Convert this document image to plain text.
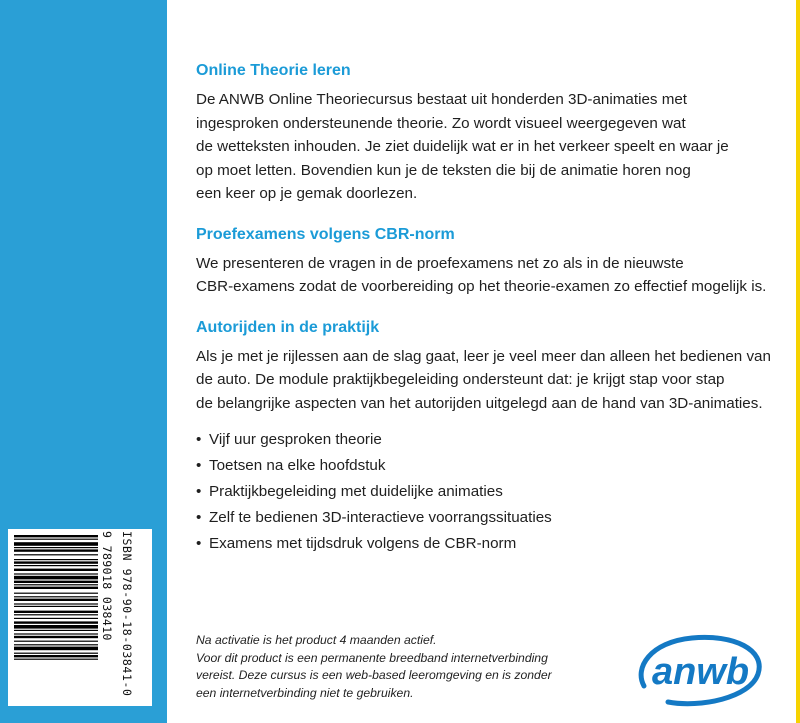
Online Theorie leren

De ANWB Online Theoriecursus bestaat uit honderden 3D-animaties met
ingesproken ondersteunende theorie. Zo wordt visueel weergegeven wat
de wetteksten inhouden. Je ziet duidelijk wat er in het verkeer speelt en waar je
op moet letten. Bovendien kun je de teksten die bij de animatie horen nog
een keer op je gemak doorlezen.

Proefexamens volgens CBR-norm

We presenteren de vragen in de proefexamens net zo als in de nieuwste
CBR-examens zodat de voorbereiding op het theorie-examen zo effectief mogelijk is.

Autorijden in de praktijk

Als je met je rijlessen aan de slag gaat, leer je veel meer dan alleen het bedienen van
de auto. De module praktijkbegeleiding ondersteunt dat: je krijgt stap voor stap
de belangrijke aspecten van het autorijden uitgelegd aan de hand van 3D-animaties.

• Vijf uur gesproken theorie
• Toetsen na elke hoofdstuk
• Praktijkbegeleiding met duidelijke animaties
• Zelf te bedienen 3D-interactieve voorrangssituaties
• Examens met tijdsdruk volgens de CBR-norm
Na activatie is het product 4 maanden actief.
Voor dit product is een permanente breedband internetverbinding
vereist. Deze cursus is een web-based leeromgeving en is zonder
een internetverbinding niet te gebruiken.
9 789018 038410 ISBN 978-90-18-03841-0	anwb
